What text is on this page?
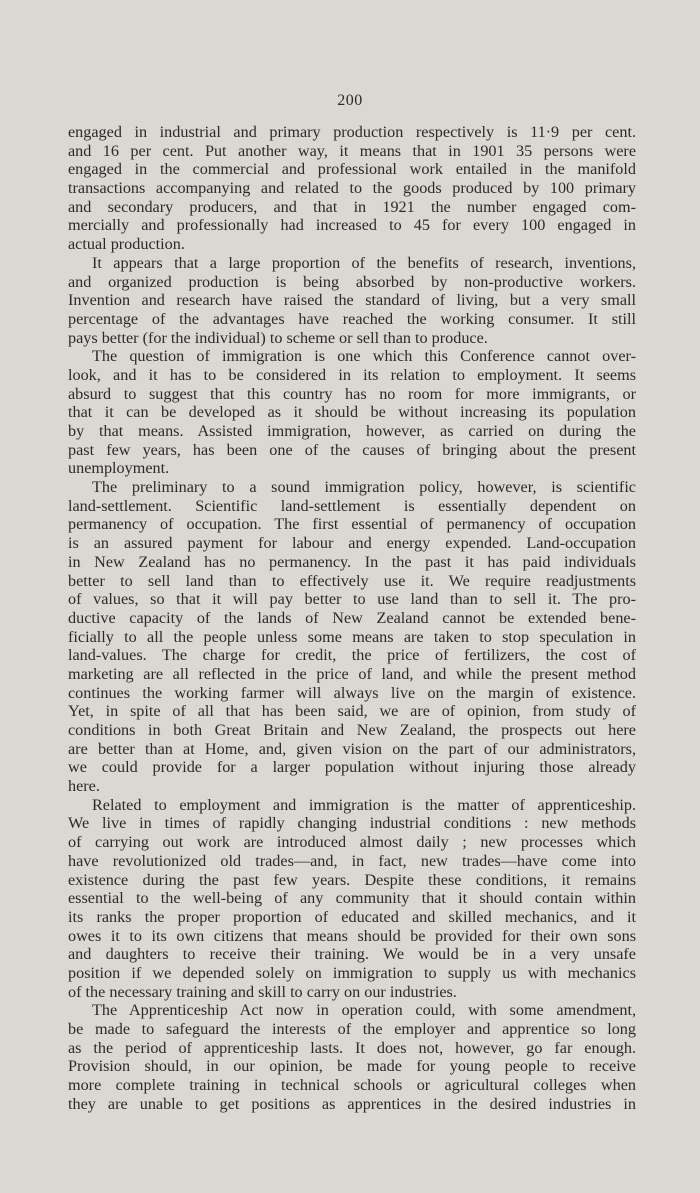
200
engaged in industrial and primary production respectively is 11·9 per cent.
and 16 per cent. Put another way, it means that in 1901 35 persons were
engaged in the commercial and professional work entailed in the manifold
transactions accompanying and related to the goods produced by 100 primary
and secondary producers, and that in 1921 the number engaged com-
mercially and professionally had increased to 45 for every 100 engaged in
actual production.
It appears that a large proportion of the benefits of research, inventions,
and organized production is being absorbed by non-productive workers.
Invention and research have raised the standard of living, but a very small
percentage of the advantages have reached the working consumer. It still
pays better (for the individual) to scheme or sell than to produce.
The question of immigration is one which this Conference cannot over-
look, and it has to be considered in its relation to employment. It seems
absurd to suggest that this country has no room for more immigrants, or
that it can be developed as it should be without increasing its population
by that means. Assisted immigration, however, as carried on during the
past few years, has been one of the causes of bringing about the present
unemployment.
The preliminary to a sound immigration policy, however, is scientific
land-settlement. Scientific land-settlement is essentially dependent on
permanency of occupation. The first essential of permanency of occupation
is an assured payment for labour and energy expended. Land-occupation
in New Zealand has no permanency. In the past it has paid individuals
better to sell land than to effectively use it. We require readjustments
of values, so that it will pay better to use land than to sell it. The pro-
ductive capacity of the lands of New Zealand cannot be extended bene-
ficially to all the people unless some means are taken to stop speculation in
land-values. The charge for credit, the price of fertilizers, the cost of
marketing are all reflected in the price of land, and while the present method
continues the working farmer will always live on the margin of existence.
Yet, in spite of all that has been said, we are of opinion, from study of
conditions in both Great Britain and New Zealand, the prospects out here
are better than at Home, and, given vision on the part of our administrators,
we could provide for a larger population without injuring those already
here.
Related to employment and immigration is the matter of apprenticeship.
We live in times of rapidly changing industrial conditions : new methods
of carrying out work are introduced almost daily ; new processes which
have revolutionized old trades—and, in fact, new trades—have come into
existence during the past few years. Despite these conditions, it remains
essential to the well-being of any community that it should contain within
its ranks the proper proportion of educated and skilled mechanics, and it
owes it to its own citizens that means should be provided for their own sons
and daughters to receive their training. We would be in a very unsafe
position if we depended solely on immigration to supply us with mechanics
of the necessary training and skill to carry on our industries.
The Apprenticeship Act now in operation could, with some amendment,
be made to safeguard the interests of the employer and apprentice so long
as the period of apprenticeship lasts. It does not, however, go far enough.
Provision should, in our opinion, be made for young people to receive
more complete training in technical schools or agricultural colleges when
they are unable to get positions as apprentices in the desired industries in
